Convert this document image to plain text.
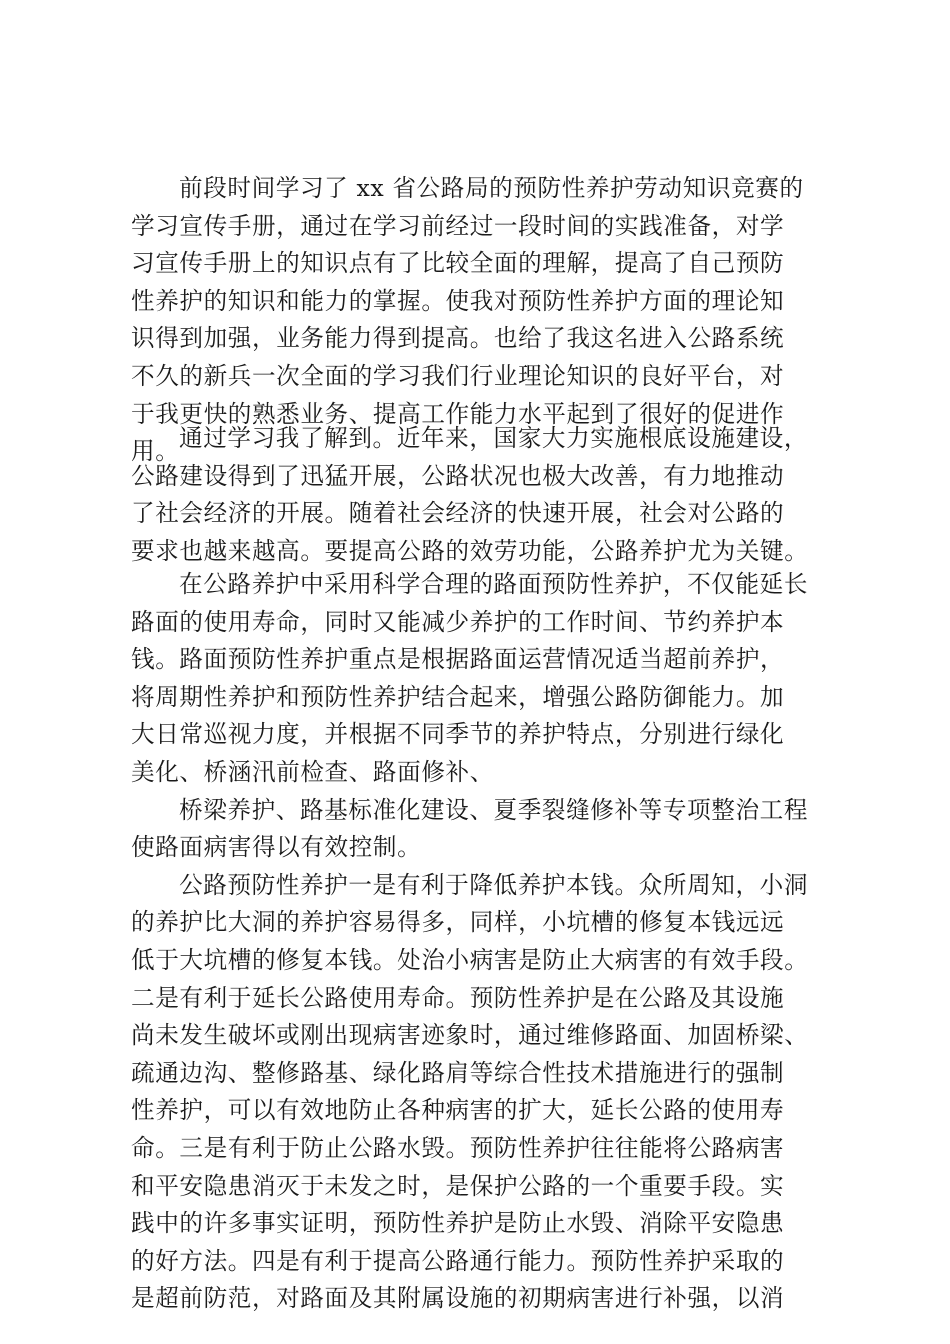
前段时间学习了 xx 省公路局的预防性养护劳动知识竞赛的
学习宣传手册，通过在学习前经过一段时间的实践准备，对学
习宣传手册上的知识点有了比较全面的理解，提高了自己预防
性养护的知识和能力的掌握。使我对预防性养护方面的理论知
识得到加强，业务能力得到提高。也给了我这名进入公路系统
不久的新兵一次全面的学习我们行业理论知识的良好平台，对
于我更快的熟悉业务、提高工作能力水平起到了很好的促进作
用。 通过学习我了解到。近年来，国家大力实施根底设施建设，
公路建设得到了迅猛开展，公路状况也极大改善，有力地推动
了社会经济的开展。随着社会经济的快速开展，社会对公路的
要求也越来越高。要提高公路的效劳功能，公路养护尤为关键。
在公路养护中采用科学合理的路面预防性养护，不仅能延长
路面的使用寿命，同时又能减少养护的工作时间、节约养护本
钱。路面预防性养护重点是根据路面运营情况适当超前养护，
将周期性养护和预防性养护结合起来，增强公路防御能力。加
大日常巡视力度，并根据不同季节的养护特点，分别进行绿化
美化、桥涵汛前检查、路面修补、
桥梁养护、路基标准化建设、夏季裂缝修补等专项整治工程
使路面病害得以有效控制。
公路预防性养护一是有利于降低养护本钱。众所周知，小洞
的养护比大洞的养护容易得多，同样，小坑槽的修复本钱远远
低于大坑槽的修复本钱。处治小病害是防止大病害的有效手段。
二是有利于延长公路使用寿命。预防性养护是在公路及其设施
尚未发生破坏或刚出现病害迹象时，通过维修路面、加固桥梁、
疏通边沟、整修路基、绿化路肩等综合性技术措施进行的强制
性养护，可以有效地防止各种病害的扩大，延长公路的使用寿
命。三是有利于防止公路水毁。预防性养护往往能将公路病害
和平安隐患消灭于未发之时，是保护公路的一个重要手段。实
践中的许多事实证明，预防性养护是防止水毁、消除平安隐患
的好方法。四是有利于提高公路通行能力。预防性养护采取的
是超前防范，对路面及其附属设施的初期病害进行补强，以消
